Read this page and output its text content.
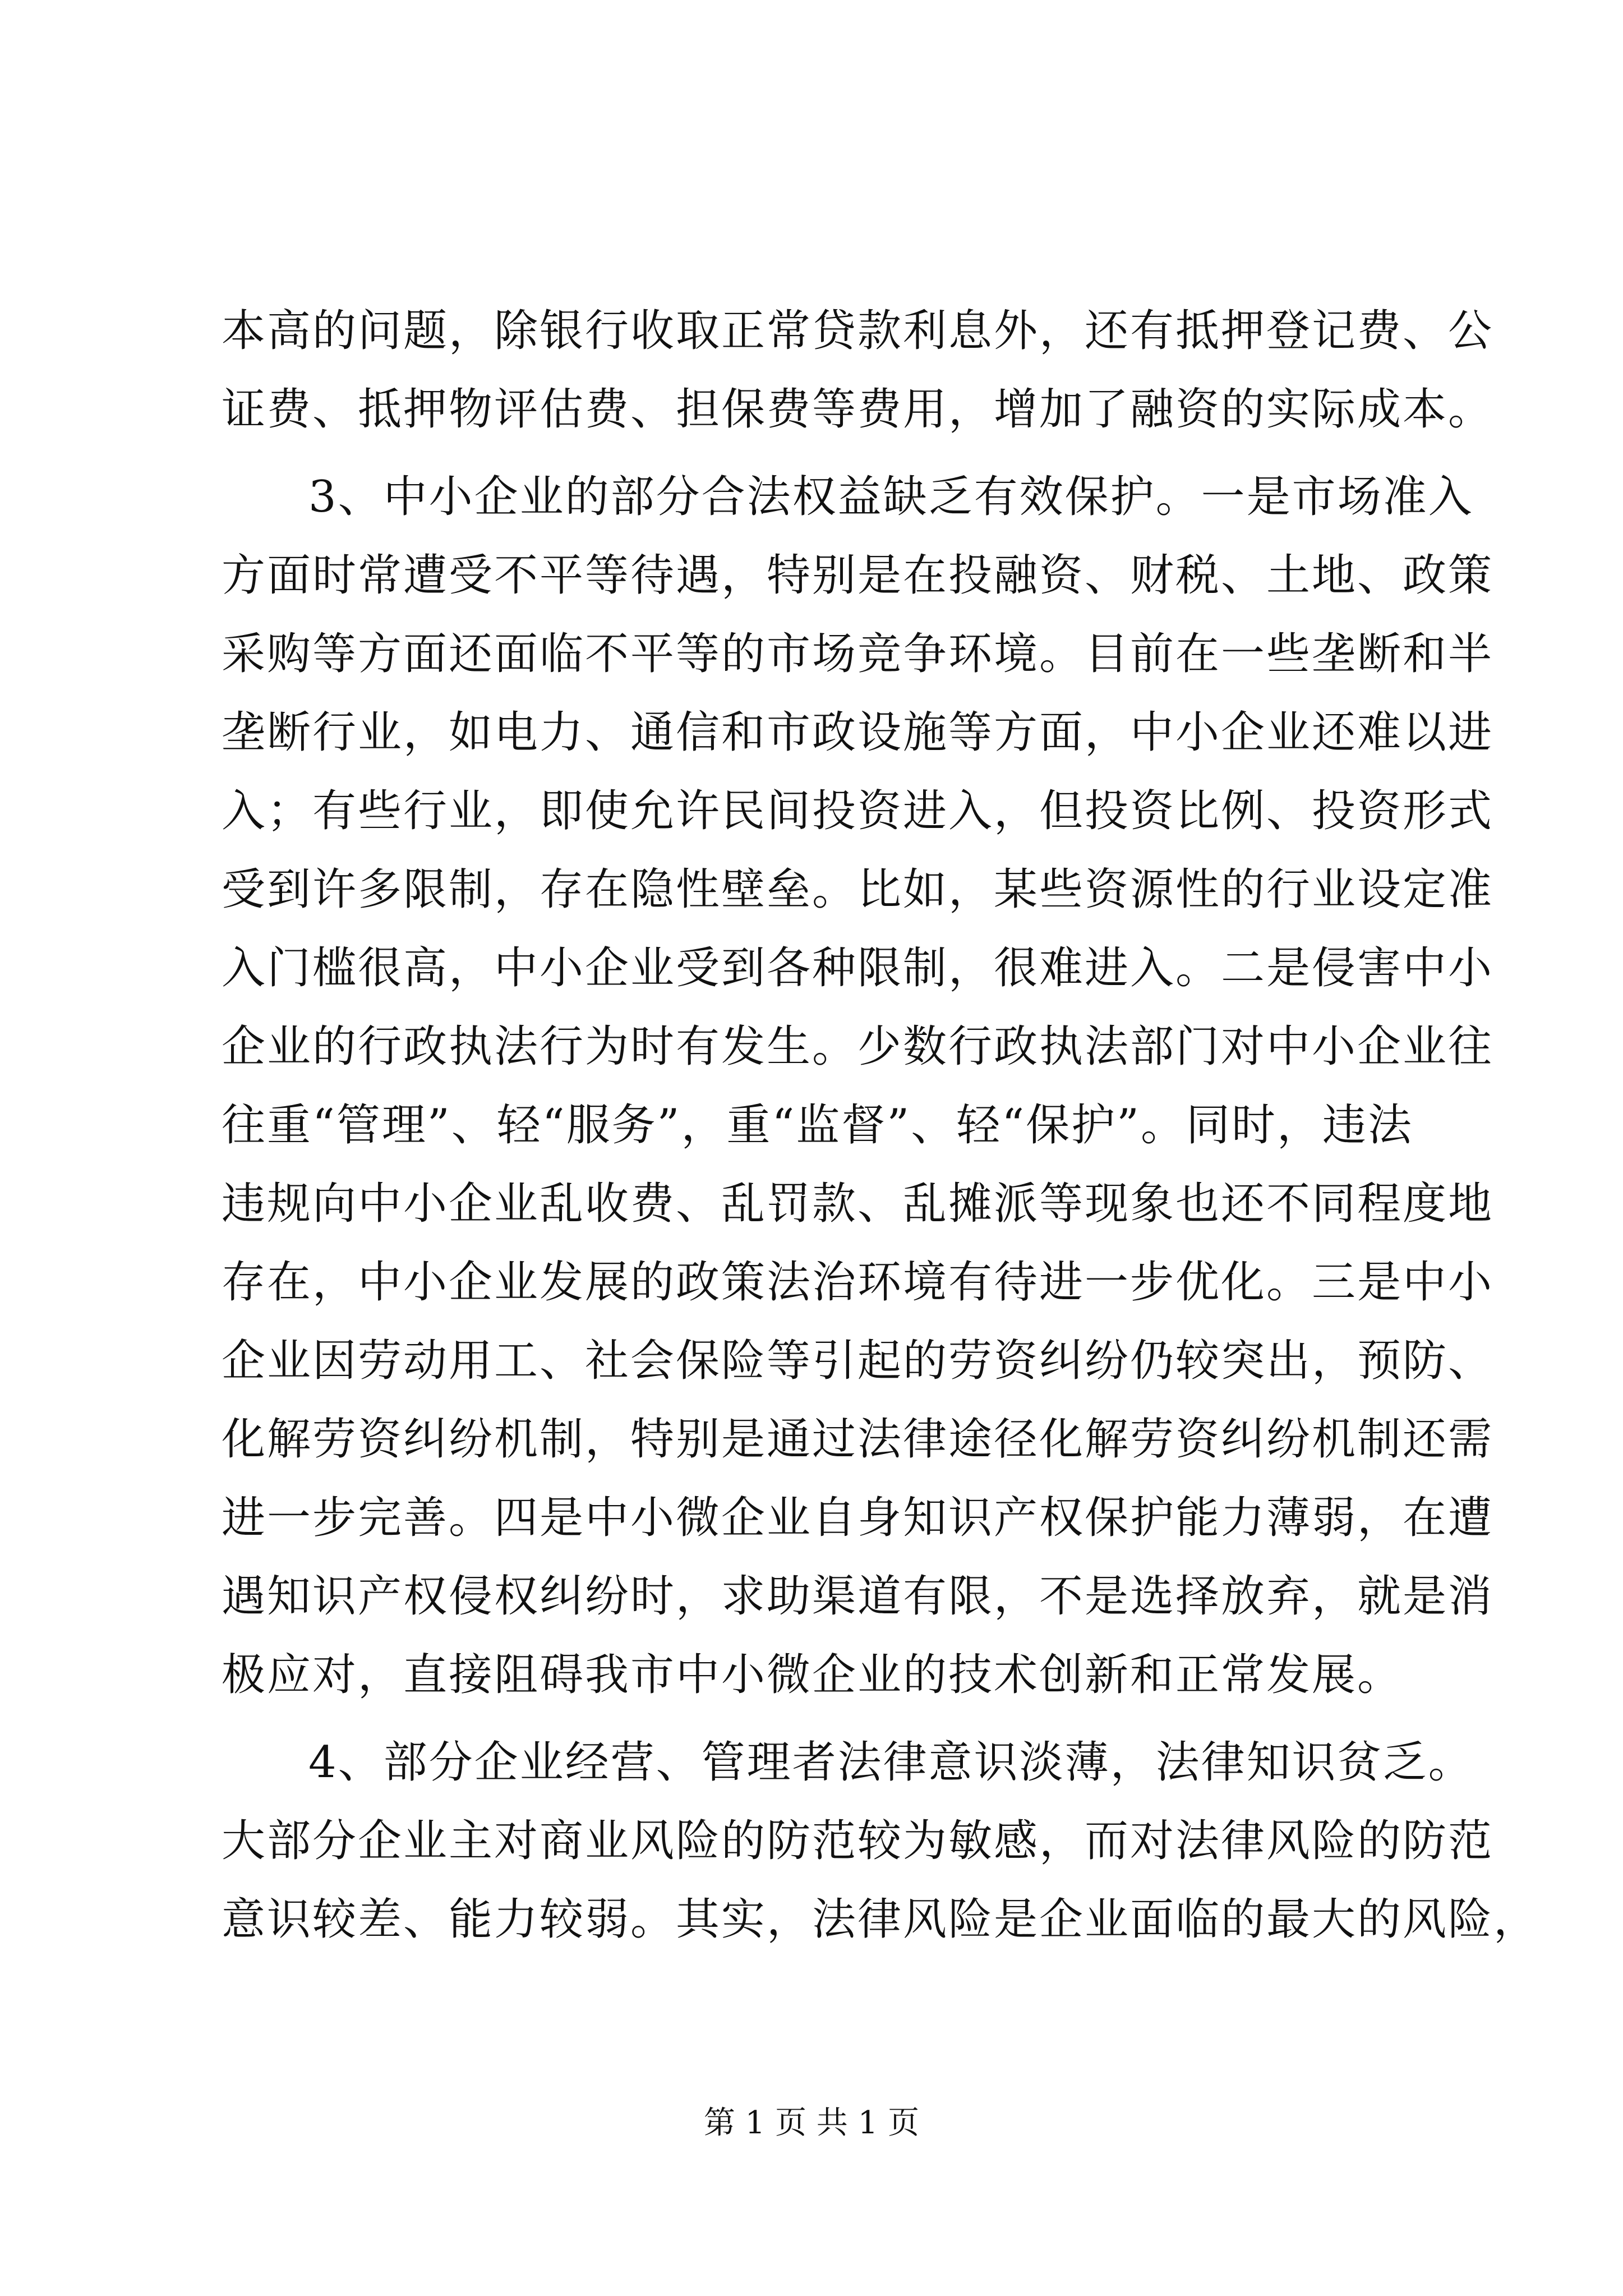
本高的问题，除银行收取正常贷款利息外，还有抵押登记费、公
证费、抵押物评估费、担保费等费用，增加了融资的实际成本。
3、中小企业的部分合法权益缺乏有效保护。一是市场准入
方面时常遭受不平等待遇，特别是在投融资、财税、土地、政策
采购等方面还面临不平等的市场竞争环境。目前在一些垄断和半
垄断行业，如电力、通信和市政设施等方面，中小企业还难以进
入；有些行业，即使允许民间投资进入，但投资比例、投资形式
受到许多限制，存在隐性壁垒。比如，某些资源性的行业设定准
入门槛很高，中小企业受到各种限制，很难进入。二是侵害中小
企业的行政执法行为时有发生。少数行政执法部门对中小企业往
往重“管理”、轻“服务”，重“监督”、轻“保护”。同时，违法
违规向中小企业乱收费、乱罚款、乱摊派等现象也还不同程度地
存在，中小企业发展的政策法治环境有待进一步优化。三是中小
企业因劳动用工、社会保险等引起的劳资纠纷仍较突出，预防、
化解劳资纠纷机制，特别是通过法律途径化解劳资纠纷机制还需
进一步完善。四是中小微企业自身知识产权保护能力薄弱，在遭
遇知识产权侵权纠纷时，求助渠道有限，不是选择放弃，就是消
极应对，直接阻碍我市中小微企业的技术创新和正常发展。
4、部分企业经营、管理者法律意识淡薄，法律知识贫乏。
大部分企业主对商业风险的防范较为敏感，而对法律风险的防范
意识较差、能力较弱。其实，法律风险是企业面临的最大的风险，
第 1 页 共 1 页
